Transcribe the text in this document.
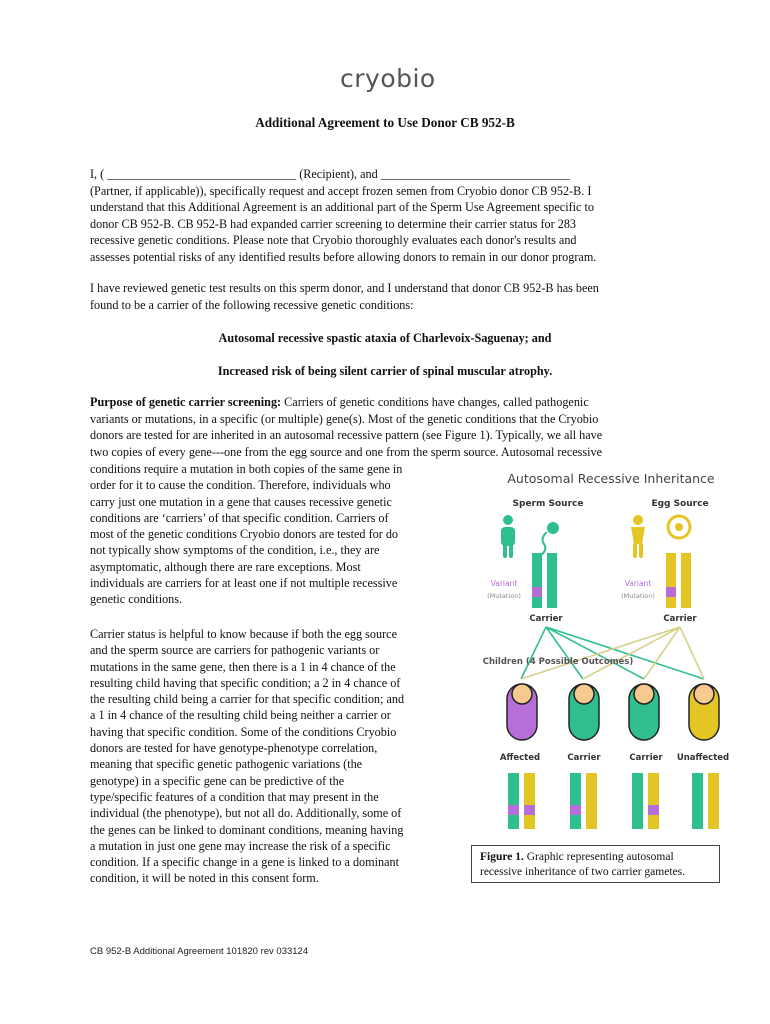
cryobio
Additional Agreement to Use Donor CB 952-B
I, ( _______________________________ (Recipient), and _______________________________
(Partner, if applicable)), specifically request and accept frozen semen from Cryobio donor CB 952-B. I
understand that this Additional Agreement is an additional part of the Sperm Use Agreement specific to
donor CB 952-B. CB 952-B had expanded carrier screening to determine their carrier status for 283
recessive genetic conditions. Please note that Cryobio thoroughly evaluates each donor's results and
assesses potential risks of any identified results before allowing donors to remain in our donor program.
I have reviewed genetic test results on this sperm donor, and I understand that donor CB 952-B has been
found to be a carrier of the following recessive genetic conditions:
Autosomal recessive spastic ataxia of Charlevoix-Saguenay; and
Increased risk of being silent carrier of spinal muscular atrophy.
Purpose of genetic carrier screening: Carriers of genetic conditions have changes, called pathogenic
variants or mutations, in a specific (or multiple) gene(s). Most of the genetic conditions that the Cryobio
donors are tested for are inherited in an autosomal recessive pattern (see Figure 1). Typically, we all have
two copies of every gene---one from the egg source and one from the sperm source. Autosomal recessive
conditions require a mutation in both copies of the same gene in
order for it to cause the condition. Therefore, individuals who
carry just one mutation in a gene that causes recessive genetic
conditions are ‘carriers’ of that specific condition. Carriers of
most of the genetic conditions Cryobio donors are tested for do
not typically show symptoms of the condition, i.e., they are
asymptomatic, although there are rare exceptions. Most
individuals are carriers for at least one if not multiple recessive
genetic conditions.
Carrier status is helpful to know because if both the egg source
and the sperm source are carriers for pathogenic variants or
mutations in the same gene, then there is a 1 in 4 chance of the
resulting child having that specific condition; a 2 in 4 chance of
the resulting child being a carrier for that specific condition; and
a 1 in 4 chance of the resulting child being neither a carrier or
having that specific condition. Some of the conditions Cryobio
donors are tested for have genotype-phenotype correlation,
meaning that specific genetic pathogenic variations (the
genotype) in a specific gene can be predictive of the
type/specific features of a condition that may present in the
individual (the phenotype), but not all do. Additionally, some of
the genes can be linked to dominant conditions, meaning having
a mutation in just one gene may increase the risk of a specific
condition. If a specific change in a gene is linked to a dominant
condition, it will be noted in this consent form.
Autosomal Recessive Inheritance
Sperm Source	Egg Source
Variant
(Mutation)
Variant
(Mutation)
Carrier	Carrier
Children (4 Possible Outcomes)
Affected	Carrier	Carrier Unaffected
Figure 1. Graphic representing autosomal recessive inheritance of two carrier gametes.
CB 952-B Additional Agreement 101820 rev 033124
